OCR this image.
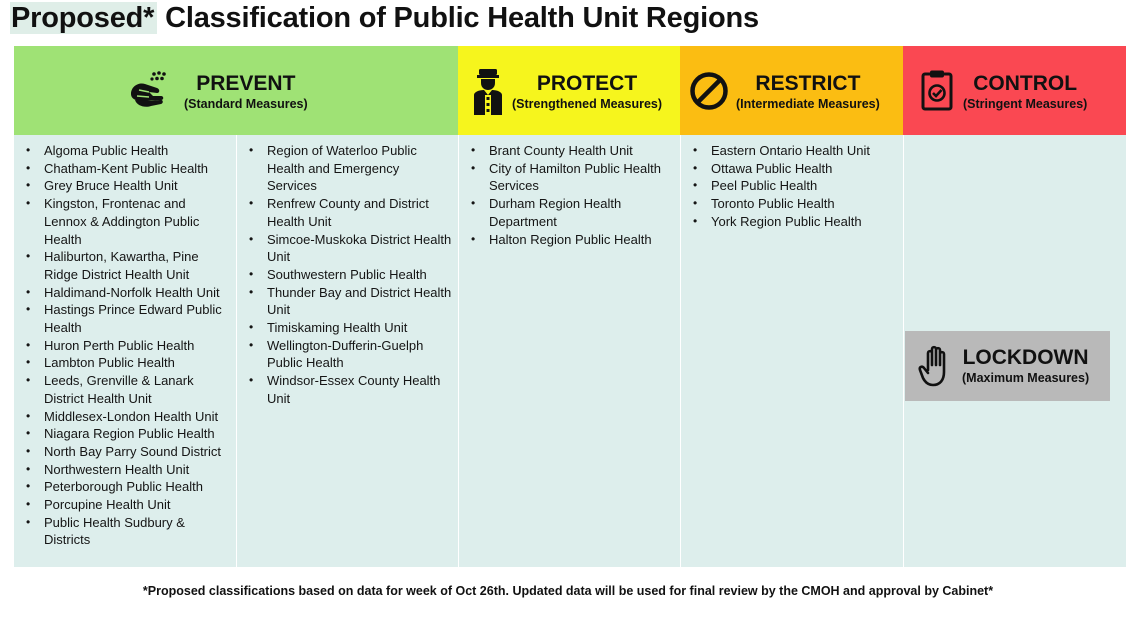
Proposed* Classification of Public Health Unit Regions
PREVENT
(Standard Measures)
PROTECT
(Strengthened Measures)
RESTRICT
(Intermediate Measures)
CONTROL
(Stringent Measures)
• Algoma Public Health
• Chatham-Kent Public Health
• Grey Bruce Health Unit
• Kingston, Frontenac and Lennox & Addington Public Health
• Haliburton, Kawartha, Pine Ridge District Health Unit
• Haldimand-Norfolk Health Unit
• Hastings Prince Edward Public Health
• Huron Perth Public Health
• Lambton Public Health
• Leeds, Grenville & Lanark District Health Unit
• Middlesex-London Health Unit
• Niagara Region Public Health
• North Bay Parry Sound District
• Northwestern Health Unit
• Peterborough Public Health
• Porcupine Health Unit
• Public Health Sudbury & Districts
• Region of Waterloo Public Health and Emergency Services
• Renfrew County and District Health Unit
• Simcoe-Muskoka District Health Unit
• Southwestern Public Health
• Thunder Bay and District Health Unit
• Timiskaming Health Unit
• Wellington-Dufferin-Guelph Public Health
• Windsor-Essex County Health Unit
• Brant County Health Unit
• City of Hamilton Public Health Services
• Durham Region Health Department
• Halton Region Public Health
• Eastern Ontario Health Unit
• Ottawa Public Health
• Peel Public Health
• Toronto Public Health
• York Region Public Health
LOCKDOWN
(Maximum Measures)
*Proposed classifications based on data for week of Oct 26th. Updated data will be used for final review by the CMOH and approval by Cabinet*
